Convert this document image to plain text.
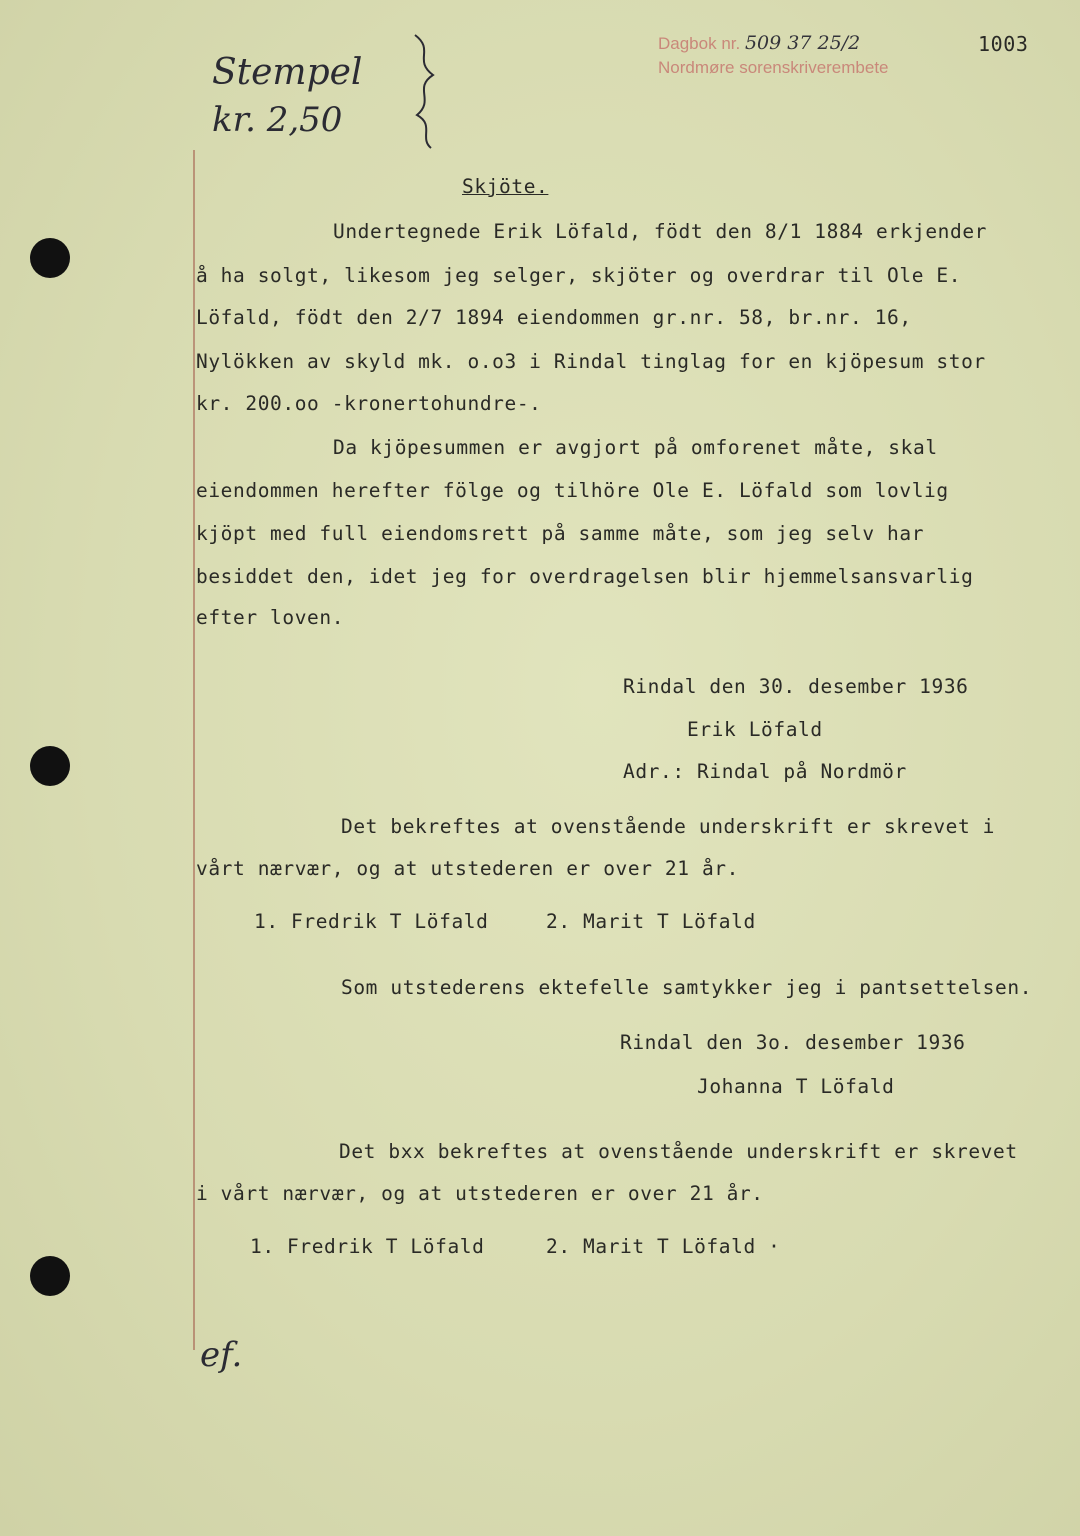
Dagbok nr. 509 37 25/2
Nordmøre sorenskriverembete
1003
Stempel
kr. 2,50
Skjöte.
Undertegnede Erik Löfald, födt den 8/1 1884 erkjender
å ha solgt, likesom jeg selger, skjöter og overdrar til Ole E.
Löfald, födt den 2/7 1894 eiendommen gr.nr. 58, br.nr. 16,
Nylökken av skyld mk. o.o3 i Rindal tinglag for en kjöpesum stor
kr. 200.oo -kronertohundre-.
Da kjöpesummen er avgjort på omforenet måte, skal
eiendommen herefter fölge og tilhöre Ole E. Löfald som lovlig
kjöpt med full eiendomsrett på samme måte, som jeg selv har
besiddet den, idet jeg for overdragelsen blir hjemmelsansvarlig
efter loven.
Rindal den 30. desember 1936
Erik Löfald
Adr.: Rindal på Nordmör
Det bekreftes at ovenstående underskrift er skrevet i
vårt nærvær, og at utstederen er over 21 år.
1. Fredrik T Löfald	2. Marit T Löfald
Som utstederens ektefelle samtykker jeg i pantsettelsen.
Rindal den 3o. desember 1936
Johanna T Löfald
Det bxx bekreftes at ovenstående underskrift er skrevet
i vårt nærvær, og at utstederen er over 21 år.
1. Fredrik T Löfald	2. Marit T Löfald ·
ef.
